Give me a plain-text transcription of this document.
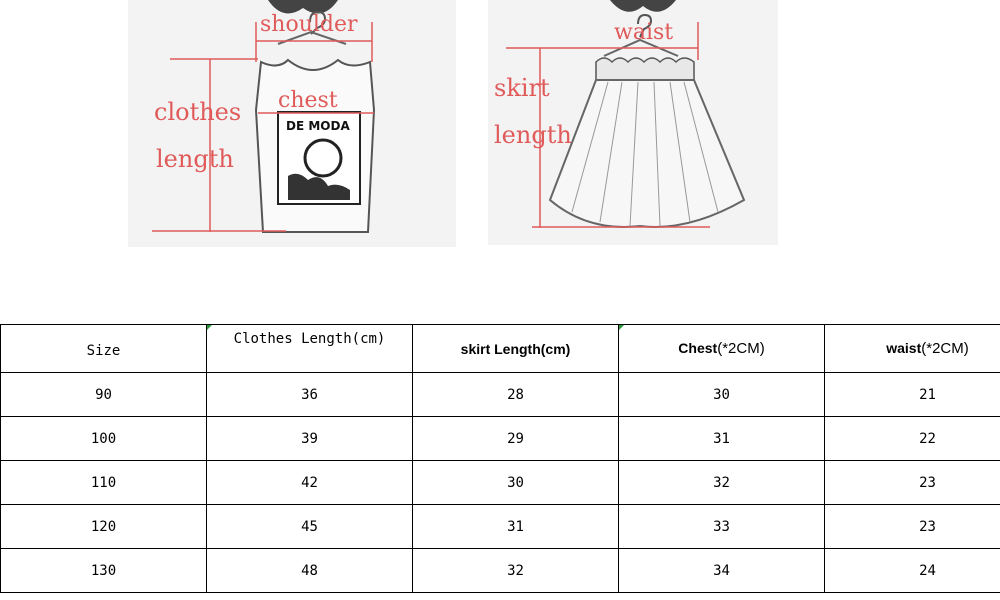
DE MODA
shoulder
chest
clothes
length
waist
skirt
length
Size	Clothes Length(cm)	skirt Length(cm)	Chest(*2CM)	waist(*2CM)
90	36	28	30	21
100	39	29	31	22
110	42	30	32	23
120	45	31	33	23
130	48	32	34	24
